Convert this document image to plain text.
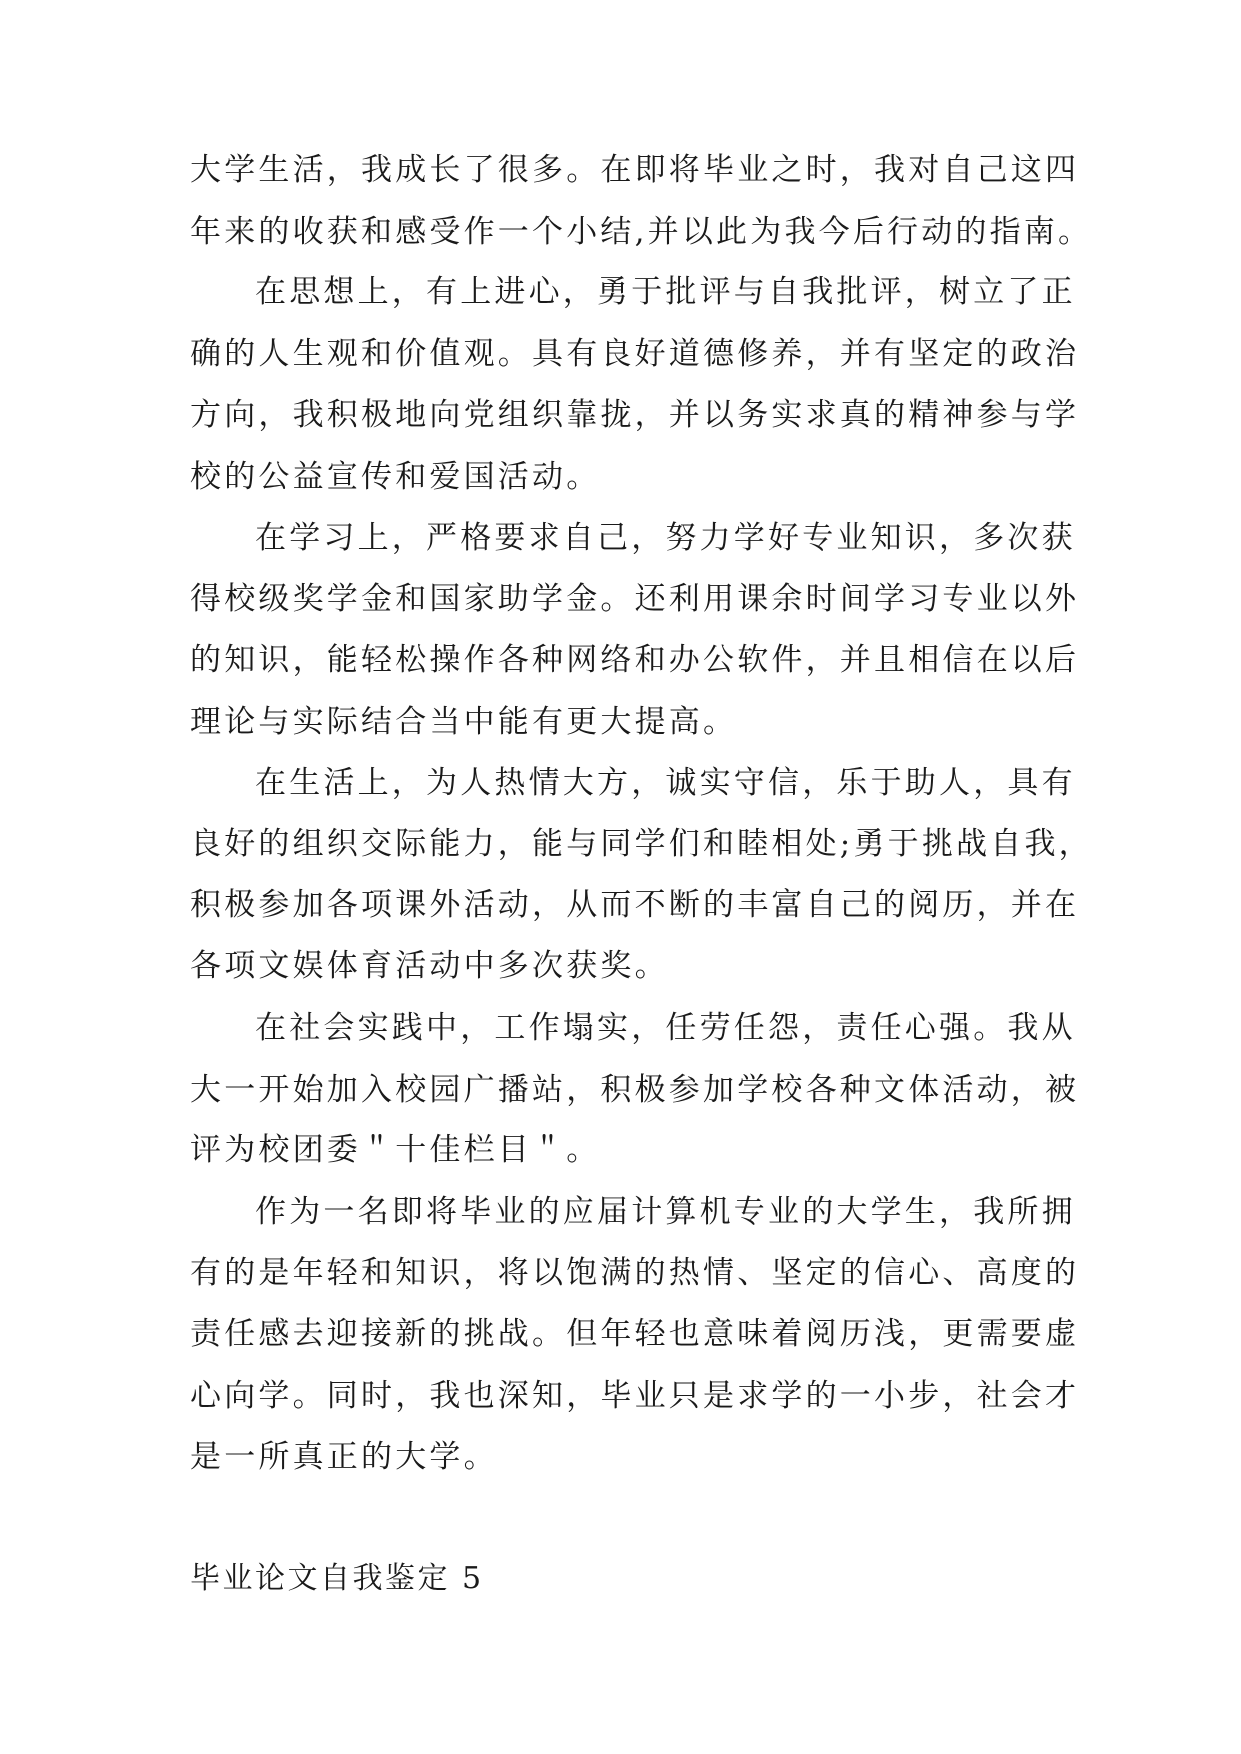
大学生活，我成长了很多。在即将毕业之时，我对自己这四
年来的收获和感受作一个小结,并以此为我今后行动的指南。
在思想上，有上进心，勇于批评与自我批评，树立了正
确的人生观和价值观。具有良好道德修养，并有坚定的政治
方向，我积极地向党组织靠拢，并以务实求真的精神参与学
校的公益宣传和爱国活动。
在学习上，严格要求自己，努力学好专业知识，多次获
得校级奖学金和国家助学金。还利用课余时间学习专业以外
的知识，能轻松操作各种网络和办公软件，并且相信在以后
理论与实际结合当中能有更大提高。
在生活上，为人热情大方，诚实守信，乐于助人，具有
良好的组织交际能力，能与同学们和睦相处;勇于挑战自我，
积极参加各项课外活动，从而不断的丰富自己的阅历，并在
各项文娱体育活动中多次获奖。
在社会实践中，工作塌实，任劳任怨，责任心强。我从
大一开始加入校园广播站，积极参加学校各种文体活动，被
评为校团委＂十佳栏目＂。
作为一名即将毕业的应届计算机专业的大学生，我所拥
有的是年轻和知识，将以饱满的热情、坚定的信心、高度的
责任感去迎接新的挑战。但年轻也意味着阅历浅，更需要虚
心向学。同时，我也深知，毕业只是求学的一小步，社会才
是一所真正的大学。
毕业论文自我鉴定 5
